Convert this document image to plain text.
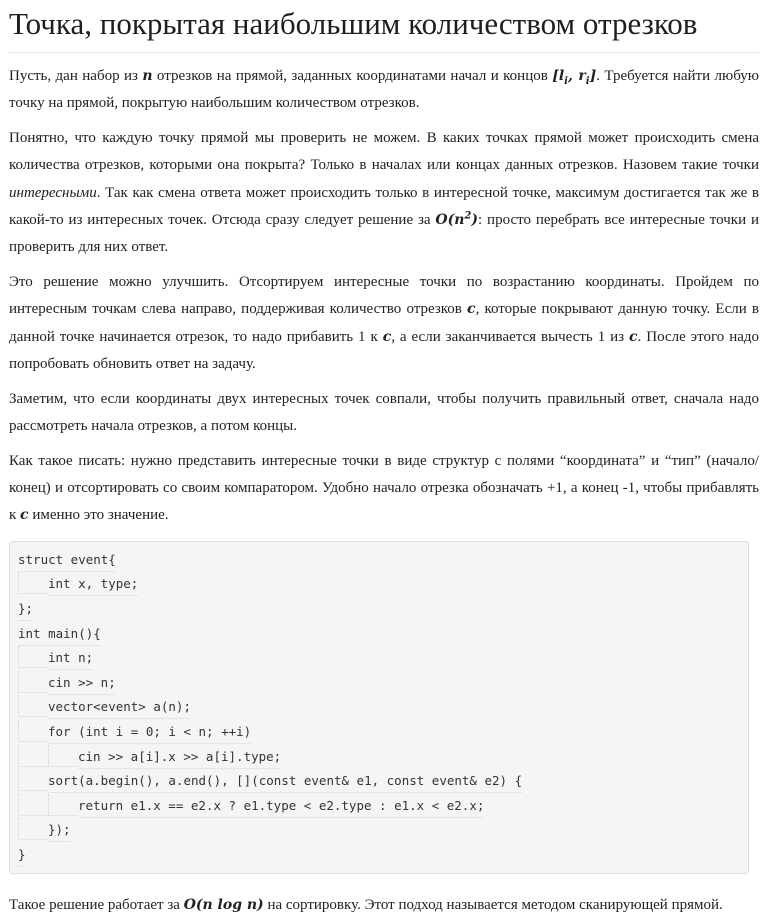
Точка, покрытая наибольшим количеством отрезков

Пусть, дан набор из n отрезков на прямой, заданных координатами начал и концов [$l_i$, $r_i$]. Требуется найти любую точку на прямой, покрытую наибольшим количеством отрезков.

Понятно, что каждую точку прямой мы проверить не можем. В каких точках прямой может происходить смена количества отрезков, которыми она покрыта? Только в началах или концах данных отрезков. Назовем такие точки интересными. Так как смена ответа может происходить только в интересной точке, максимум достигается так же в какой-то из интересных точек. Отсюда сразу следует решение за $O(n^2)$: просто перебрать все интересные точки и проверить для них ответ.

Это решение можно улучшить. Отсортируем интересные точки по возрастанию координаты. Пройдем по интересным точкам слева направо, поддерживая количество отрезков c, которые покрывают данную точку. Если в данной точке начинается отрезок, то надо прибавить 1 к c, а если заканчивается вычесть 1 из c. После этого надо попробовать обновить ответ на задачу.

Заметим, что если координаты двух интересных точек совпали, чтобы получить правильный ответ, сначала надо рассмотреть начала отрезков, а потом концы.

Как такое писать: нужно представить интересные точки в виде структур с полями “координата” и “тип” (начало/конец) и отсортировать со своим компаратором. Удобно начало отрезка обозначать +1, а конец -1, чтобы прибавлять к c именно это значение.

struct event{
int x, type;
};
int main(){
int n;
cin >> n;
vector<event> a(n);
for (int i = 0; i < n; ++i)
cin >> a[i].x >> a[i].type;
sort(a.begin(), a.end(), [](const event& e1, const event& e2) {
return e1.x == e2.x ? e1.type < e2.type : e1.x < e2.x;
});
}

Такое решение работает за O(n log n) на сортировку. Этот подход называется методом сканирующей прямой.
